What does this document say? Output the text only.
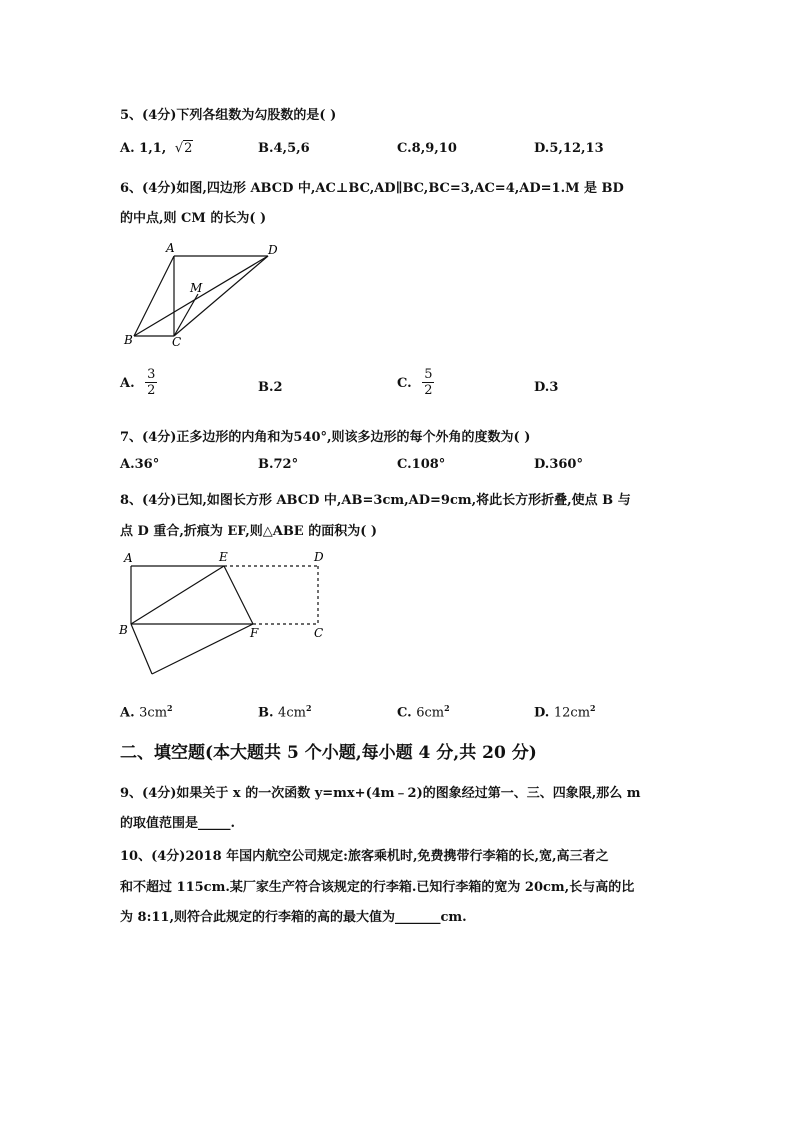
5、(4分)下列各组数为勾股数的是( )
A. 1,1, √2	B.4,5,6	C.8,9,10	D.5,12,13
6、(4分)如图,四边形 ABCD 中,AC⊥BC,AD∥BC,BC=3,AC=4,AD=1.M 是 BD
的中点,则 CM 的长为( )
A	D
M
B	C
A. $\frac{3}{2}$	B.2	C. $\frac{5}{2}$	D.3
7、(4分)正多边形的内角和为540°,则该多边形的每个外角的度数为( )
A.36°	B.72°	C.108°	D.360°
8、(4分)已知,如图长方形 ABCD 中,AB=3cm,AD=9cm,将此长方形折叠,使点 B 与
点 D 重合,折痕为 EF,则△ABE 的面积为( )
A	E	D
B	F	C
A. $3cm^2$	B. $4cm^2$	C. $6cm^2$	D. $12cm^2$
二、填空题(本大题共 5 个小题,每小题 4 分,共 20 分)
9、(4分)如果关于 x 的一次函数 y=mx+(4m﹣2)的图象经过第一、三、四象限,那么 m
的取值范围是_____.
10、(4分)2018 年国内航空公司规定:旅客乘机时,免费携带行李箱的长,宽,高三者之
和不超过 115cm.某厂家生产符合该规定的行李箱.已知行李箱的宽为 20cm,长与高的比
为 8:11,则符合此规定的行李箱的高的最大值为_______cm.
